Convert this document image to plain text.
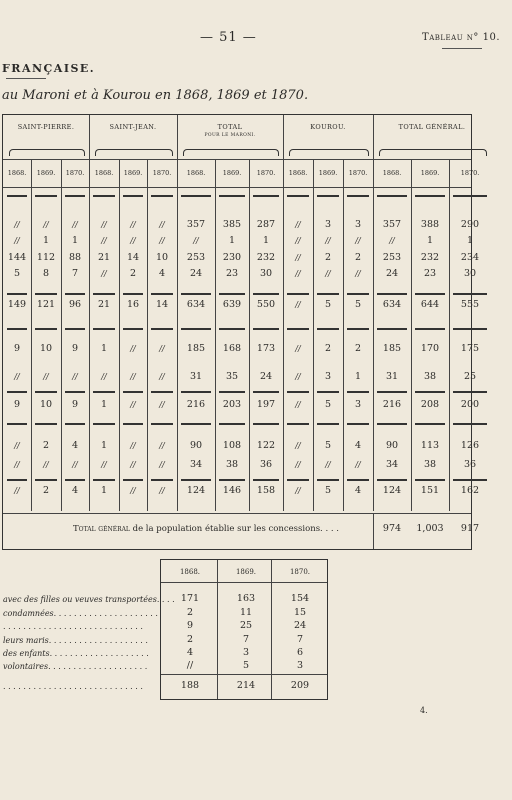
— 51 —	Tableau n° 10.
FRANÇAISE.
au Maroni et à Kourou en 1868, 1869 et 1870.
SAINT-PIERRE.	SAINT-JEAN.	TOTAL
POUR LE MARONI.
KOUROU.	TOTAL GÉNÉRAL.
1868.	1869.	1870.	1868.	1869.	1870.	1868.	1869.	1870.	1868.	1869.	1870.	1868.	1869.	1870.
//	//	//	//	//	//	357	385	287	//	3	3	357	388	290
//	1	1	//	//	//	//	1	1	//	//	//	//	1	1
144	112	88	21	14	10	253	230	232	//	2	2	253	232	234
5	8	7	//	2	4	24	23	30	//	//	//	24	23	30
149	121	96	21	16	14	634	639	550	//	5	5	634	644	555
9	10	9	1	//	//	185	168	173	//	2	2	185	170	175
//	//	//	//	//	//	31	35	24	//	3	1	31	38	25
9	10	9	1	//	//	216	203	197	//	5	3	216	208	200
//	2	4	1	//	//	90	108	122	//	5	4	90	113	126
//	//	//	//	//	//	34	38	36	//	//	//	34	38	36
//	2	4	1	//	//	124	146	158	//	5	4	124	151	162
Total général de la population établie sur les concessions. . . .	974	1,003	917
1868.	1869.	1870.
avec des filles ou veuves transportées. . . . 171	163	154
condamnées. . . . . . . . . . . . . . . . . . . . .	2	11	15
. . . . . . . . . . . . . . . . . . . . . . . . . . . .	9	25	24
leurs maris. . . . . . . . . . . . . . . . . . . .	2	7	7
des enfants. . . . . . . . . . . . . . . . . . . .	4	3	6
volontaires. . . . . . . . . . . . . . . . . . . .	//	5	3
. . . . . . . . . . . . . . . . . . . . . . . . . . . .	188	214	209
4.
